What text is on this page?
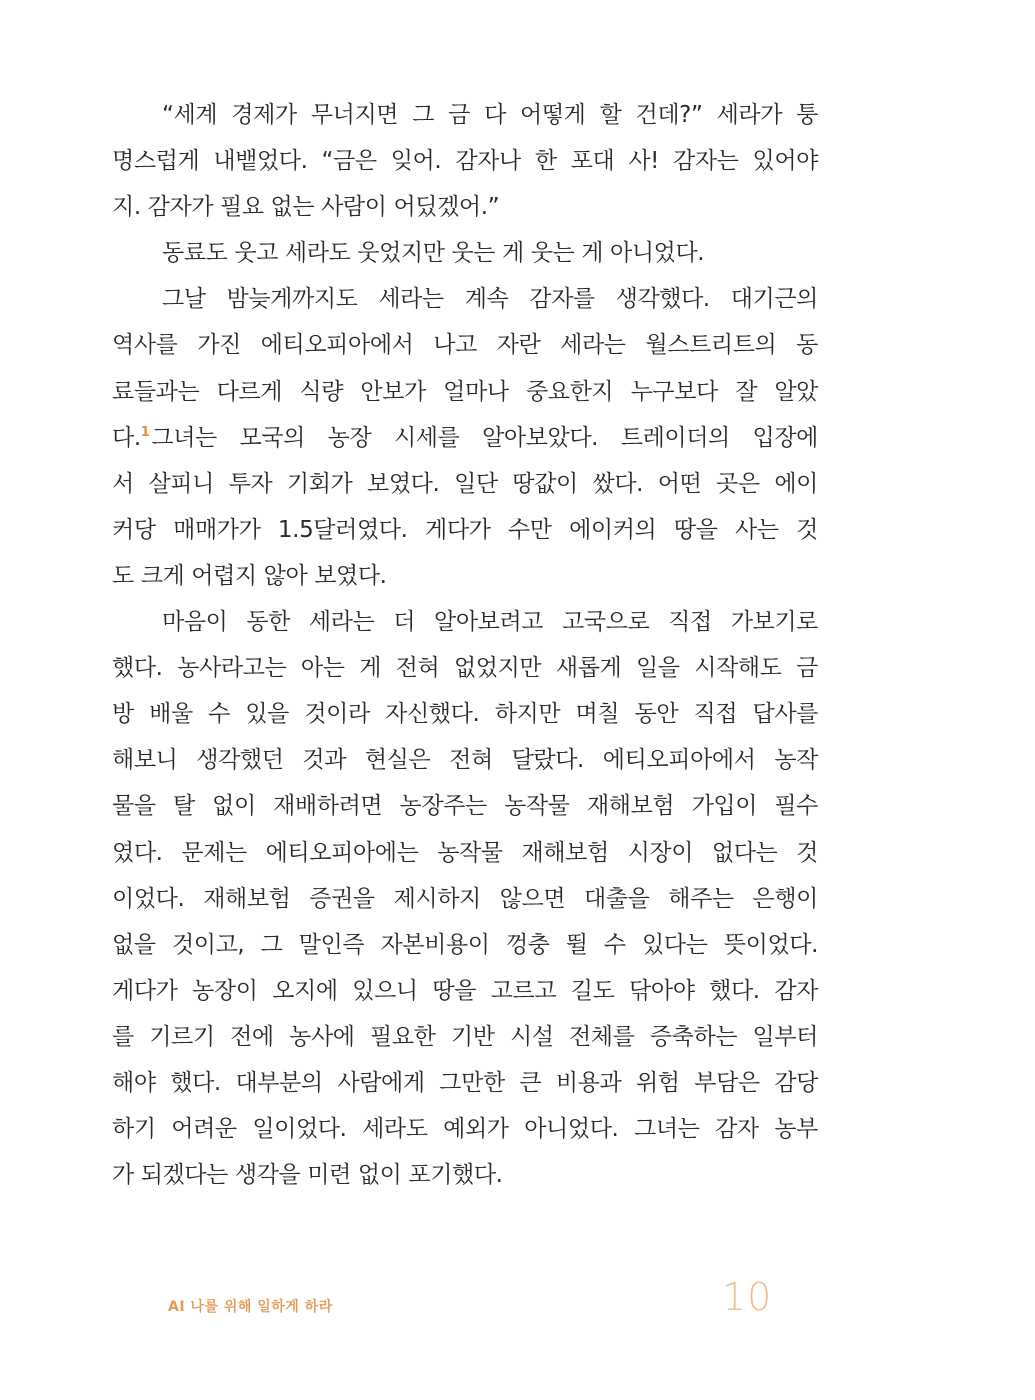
“세계 경제가 무너지면 그 금 다 어떻게 할 건데?” 세라가 퉁
명스럽게 내뱉었다. “금은 잊어. 감자나 한 포대 사! 감자는 있어야
지. 감자가 필요 없는 사람이 어딨겠어.”
동료도 웃고 세라도 웃었지만 웃는 게 웃는 게 아니었다.
그날 밤늦게까지도 세라는 계속 감자를 생각했다. 대기근의
역사를 가진 에티오피아에서 나고 자란 세라는 월스트리트의 동
료들과는 다르게 식량 안보가 얼마나 중요한지 누구보다 잘 알았
다.$^1$그녀는 모국의 농장 시세를 알아보았다. 트레이더의 입장에
서 살피니 투자 기회가 보였다. 일단 땅값이 쌌다. 어떤 곳은 에이
커당 매매가가 1.5달러였다. 게다가 수만 에이커의 땅을 사는 것
도 크게 어렵지 않아 보였다.
마음이 동한 세라는 더 알아보려고 고국으로 직접 가보기로
했다. 농사라고는 아는 게 전혀 없었지만 새롭게 일을 시작해도 금
방 배울 수 있을 것이라 자신했다. 하지만 며칠 동안 직접 답사를
해보니 생각했던 것과 현실은 전혀 달랐다. 에티오피아에서 농작
물을 탈 없이 재배하려면 농장주는 농작물 재해보험 가입이 필수
였다. 문제는 에티오피아에는 농작물 재해보험 시장이 없다는 것
이었다. 재해보험 증권을 제시하지 않으면 대출을 해주는 은행이
없을 것이고, 그 말인즉 자본비용이 껑충 뛸 수 있다는 뜻이었다.
게다가 농장이 오지에 있으니 땅을 고르고 길도 닦아야 했다. 감자
를 기르기 전에 농사에 필요한 기반 시설 전체를 증축하는 일부터
해야 했다. 대부분의 사람에게 그만한 큰 비용과 위험 부담은 감당
하기 어려운 일이었다. 세라도 예외가 아니었다. 그녀는 감자 농부
가 되겠다는 생각을 미련 없이 포기했다.
AI 나를 위해 일하게 하라	10
